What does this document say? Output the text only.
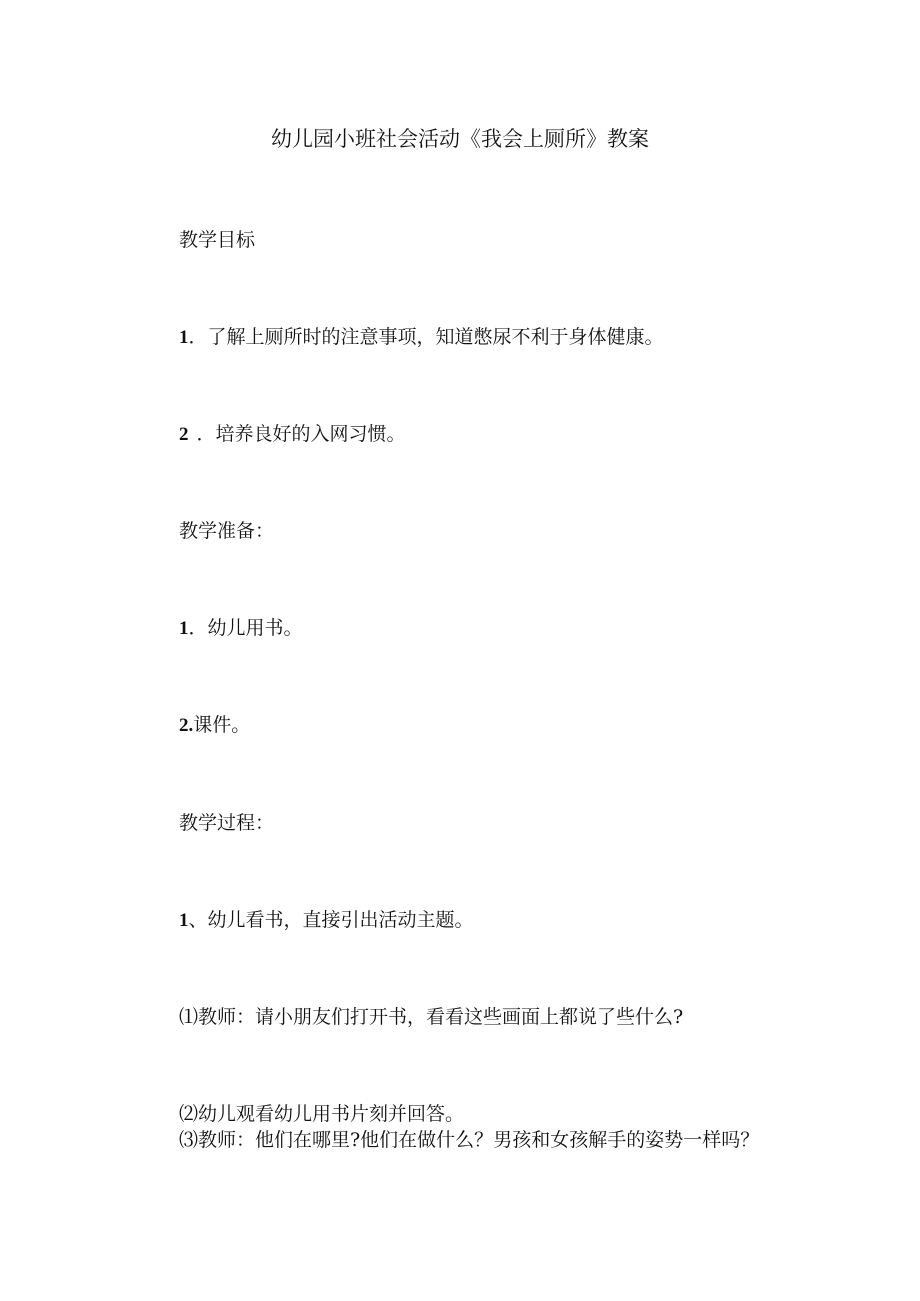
幼儿园小班社会活动《我会上厕所》教案
教学目标
1．了解上厕所时的注意事项，知道憋尿不利于身体健康。
2 ．培养良好的入网习惯。
教学准备：
1．幼儿用书。
2.课件。
教学过程：
1、幼儿看书，直接引出活动主题。
⑴教师：请小朋友们打开书，看看这些画面上都说了些什么?
⑵幼儿观看幼儿用书片刻并回答。
⑶教师：他们在哪里?他们在做什么？男孩和女孩解手的姿势一样吗？
